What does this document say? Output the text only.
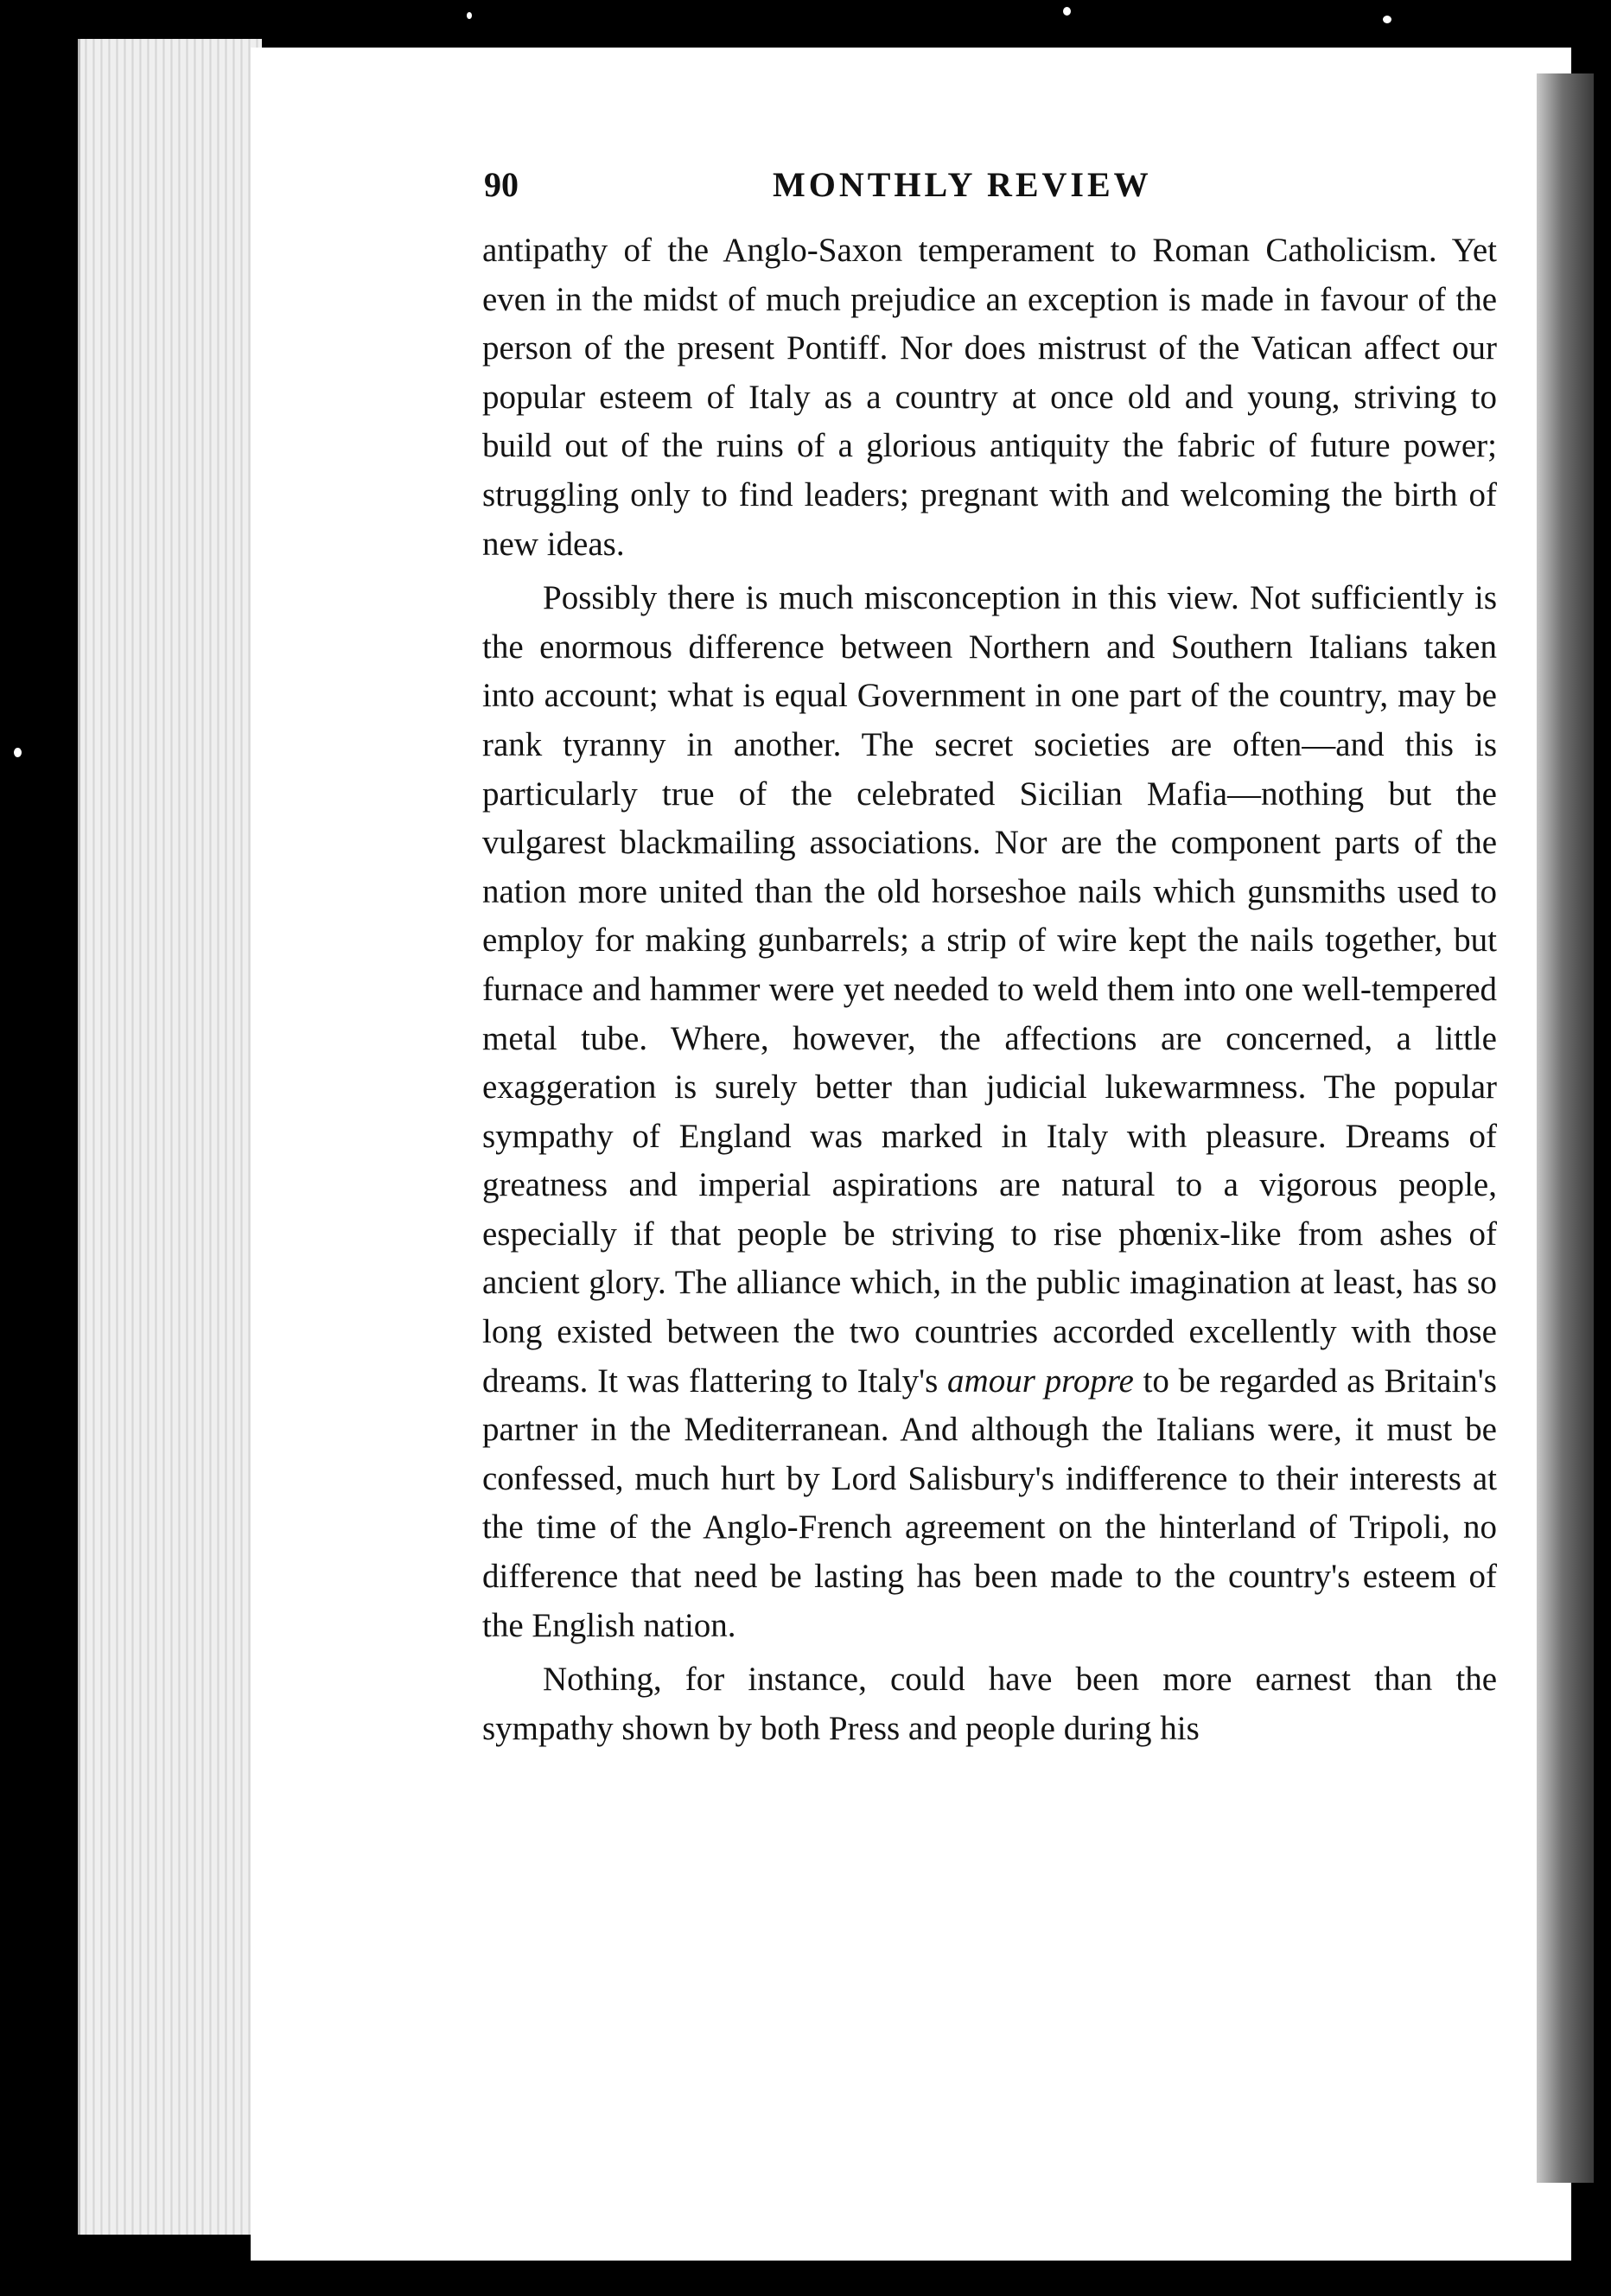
90	MONTHLY REVIEW

antipathy of the Anglo-Saxon temperament to Roman Catholicism. Yet even in the midst of much prejudice an exception is made in favour of the person of the present Pontiff. Nor does mistrust of the Vatican affect our popular esteem of Italy as a country at once old and young, striving to build out of the ruins of a glorious antiquity the fabric of future power; struggling only to find leaders; pregnant with and welcoming the birth of new ideas.

Possibly there is much misconception in this view. Not sufficiently is the enormous difference between Northern and Southern Italians taken into account; what is equal Government in one part of the country, may be rank tyranny in another. The secret societies are often—and this is particularly true of the celebrated Sicilian Mafia—nothing but the vulgarest blackmailing associations. Nor are the component parts of the nation more united than the old horseshoe nails which gunsmiths used to employ for making gunbarrels; a strip of wire kept the nails together, but furnace and hammer were yet needed to weld them into one well-tempered metal tube. Where, however, the affections are concerned, a little exaggeration is surely better than judicial lukewarmness. The popular sympathy of England was marked in Italy with pleasure. Dreams of greatness and imperial aspirations are natural to a vigorous people, especially if that people be striving to rise phœnix-like from ashes of ancient glory. The alliance which, in the public imagination at least, has so long existed between the two countries accorded excellently with those dreams. It was flattering to Italy's amour propre to be regarded as Britain's partner in the Mediterranean. And although the Italians were, it must be confessed, much hurt by Lord Salisbury's indifference to their interests at the time of the Anglo-French agreement on the hinterland of Tripoli, no difference that need be lasting has been made to the country's esteem of the English nation.

Nothing, for instance, could have been more earnest than the sympathy shown by both Press and people during his
